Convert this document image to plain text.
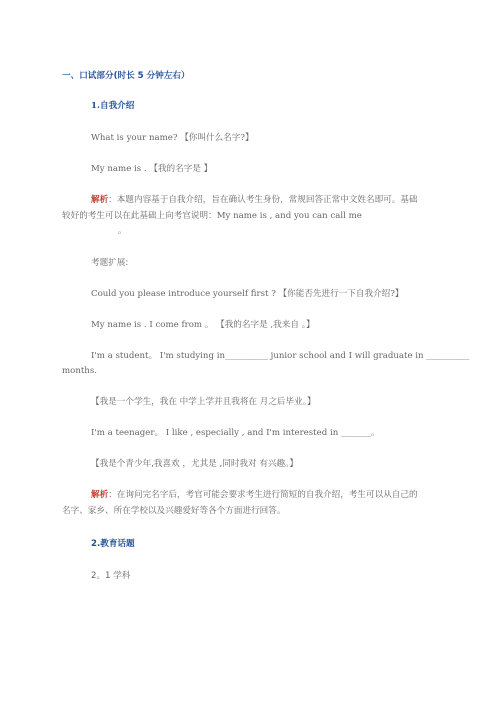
一、口试部分(时长 5 分钟左右）
1.自我介绍
What is your name? 【你叫什么名字?】
My name is . 【我的名字是 】
解析：本题内容基于自我介绍，旨在确认考生身份，常规回答正常中文姓名即可。基础
较好的考生可以在此基础上向考官说明：My name is , and you can call me
。
考题扩展:
Could you please introduce yourself first ? 【你能否先进行一下自我介绍?】
My name is . I come from 。 【我的名字是 ,我来自 。】
I'm a student。 I'm studying in__________ junior school and I will graduate in __________
months.
【我是一个学生，我在 中学上学并且我将在 月之后毕业。】
I'm a teenager。 I like , especially , and I'm interested in _______。
【我是个青少年,我喜欢 ，尤其是 ,同时我对 有兴趣。】
解析：在询问完名字后，考官可能会要求考生进行简短的自我介绍，考生可以从自己的
名字、家乡、所在学校以及兴趣爱好等各个方面进行回答。
2.教育话题
2。1 学科
